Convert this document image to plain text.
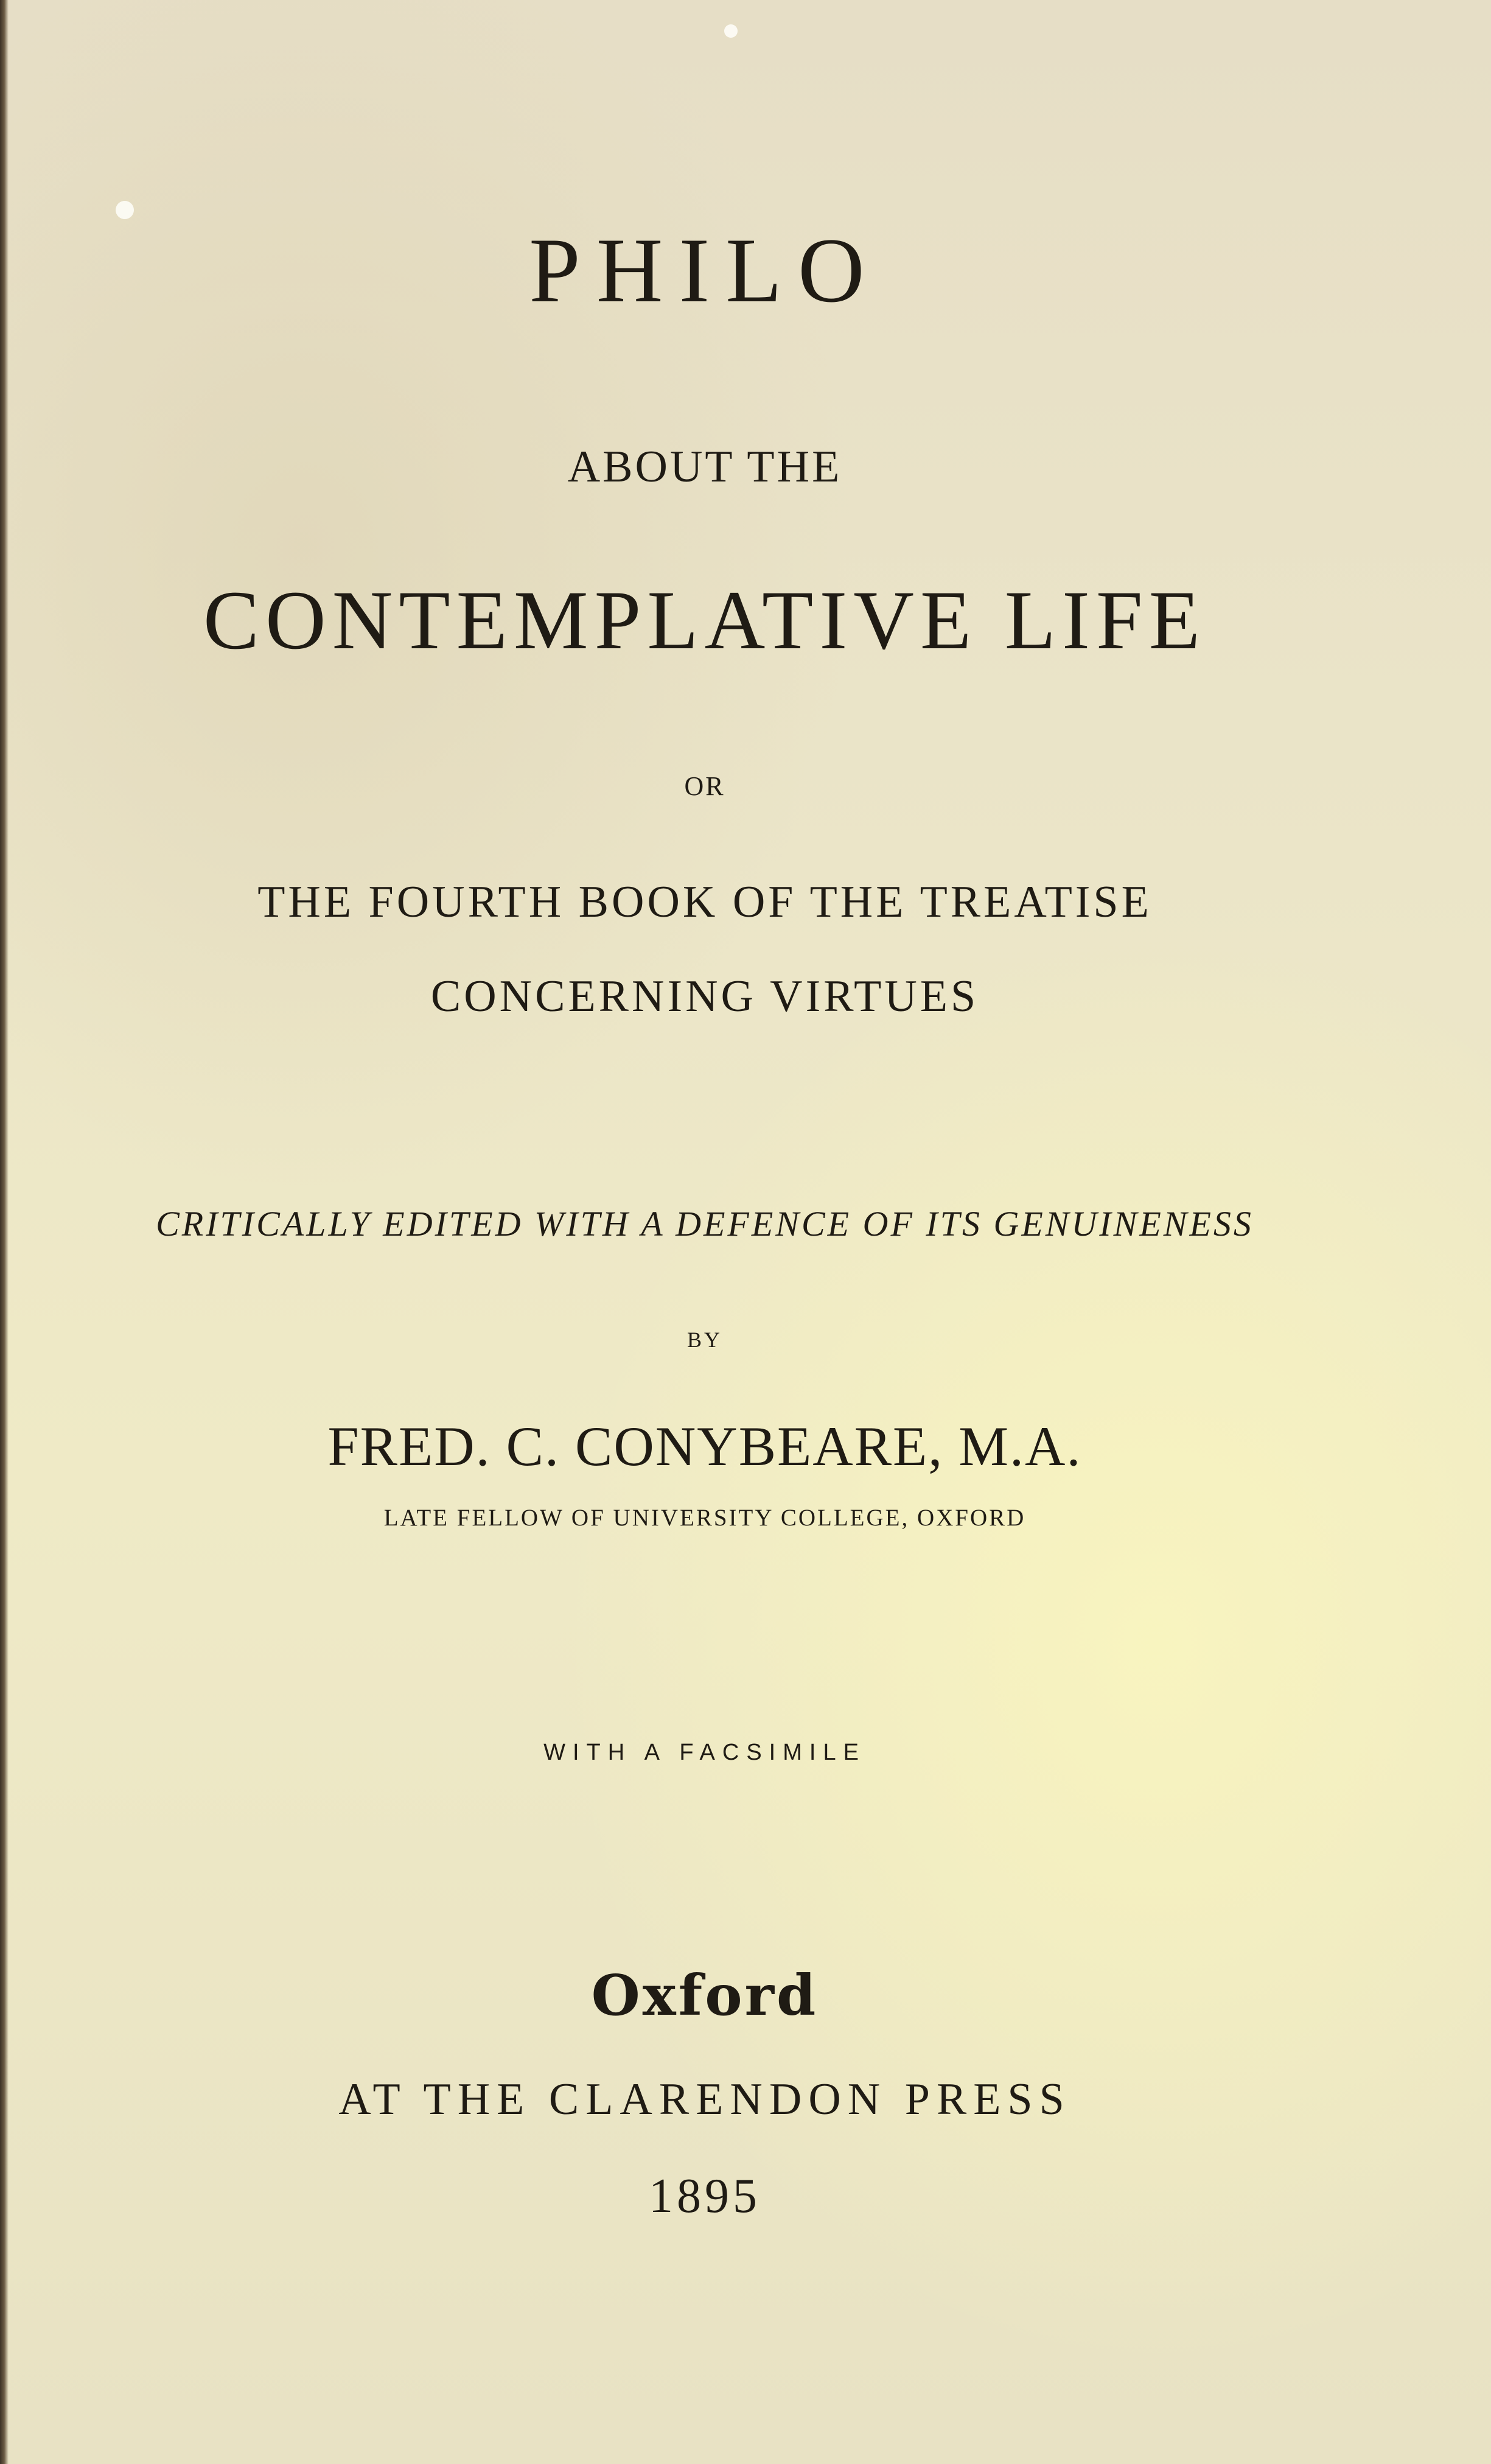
PHILO
ABOUT THE
CONTEMPLATIVE LIFE
OR
THE FOURTH BOOK OF THE TREATISE
CONCERNING VIRTUES
CRITICALLY EDITED WITH A DEFENCE OF ITS GENUINENESS
BY
FRED. C. CONYBEARE, M.A.
LATE FELLOW OF UNIVERSITY COLLEGE, OXFORD
WITH A FACSIMILE
Oxford
AT THE CLARENDON PRESS
1895
